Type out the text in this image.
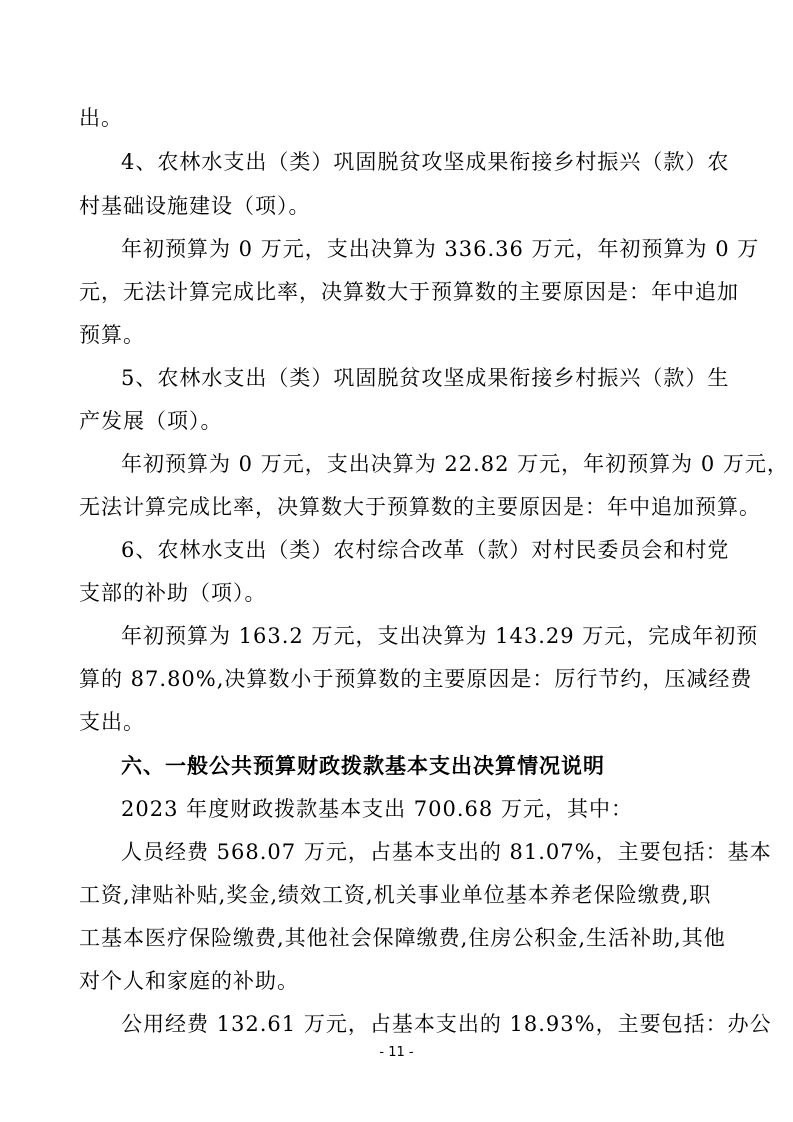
出。
4、农林水支出（类）巩固脱贫攻坚成果衔接乡村振兴（款）农
村基础设施建设（项）。
年初预算为 0 万元，支出决算为 336.36 万元，年初预算为 0 万
元，无法计算完成比率，决算数大于预算数的主要原因是：年中追加
预算。
5、农林水支出（类）巩固脱贫攻坚成果衔接乡村振兴（款）生
产发展（项）。
年初预算为 0 万元，支出决算为 22.82 万元，年初预算为 0 万元，
无法计算完成比率，决算数大于预算数的主要原因是：年中追加预算。
6、农林水支出（类）农村综合改革（款）对村民委员会和村党
支部的补助（项）。
年初预算为 163.2 万元，支出决算为 143.29 万元，完成年初预
算的 87.80%,决算数小于预算数的主要原因是：厉行节约，压减经费
支出。
六、一般公共预算财政拨款基本支出决算情况说明
2023 年度财政拨款基本支出 700.68 万元，其中：
人员经费 568.07 万元，占基本支出的 81.07%，主要包括：基本
工资,津贴补贴,奖金,绩效工资,机关事业单位基本养老保险缴费,职
工基本医疗保险缴费,其他社会保障缴费,住房公积金,生活补助,其他
对个人和家庭的补助。
公用经费 132.61 万元，占基本支出的 18.93%，主要包括：办公
- 11 -
